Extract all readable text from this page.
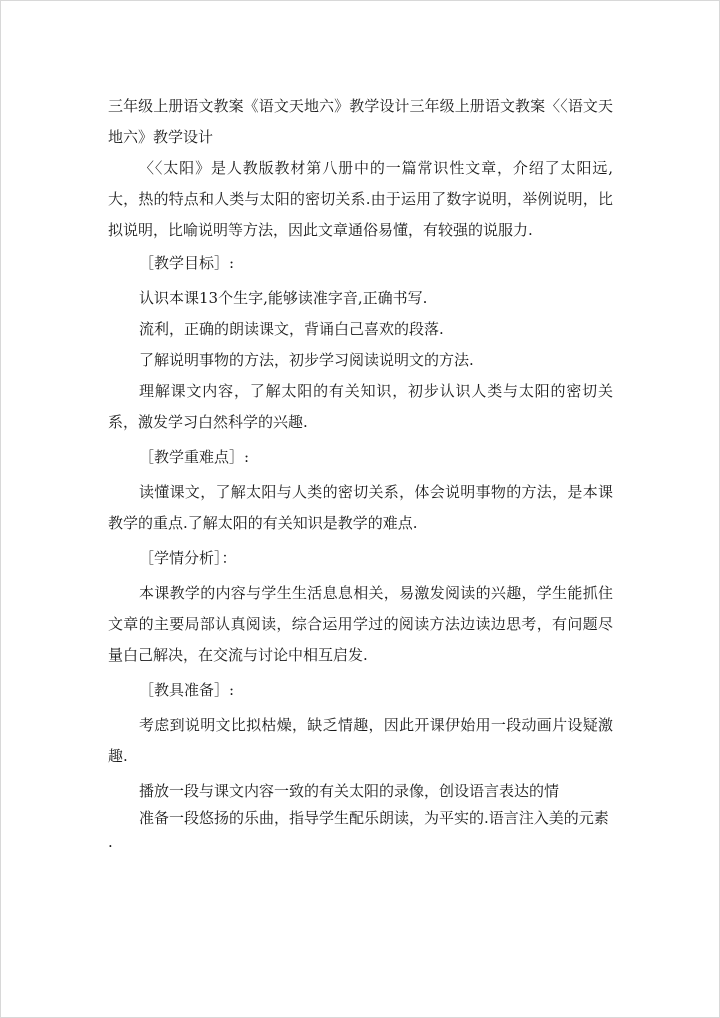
三年级上册语文教案《语文天地六》教学设计三年级上册语文教案〈〈语文天地六》教学设计

〈〈太阳》是人教版教材第八册中的一篇常识性文章，介绍了太阳远,大，热的特点和人类与太阳的密切关系.由于运用了数字说明，举例说明，比拟说明，比喻说明等方法，因此文章通俗易懂，有较强的说服力.

［教学目标］:

认识本课13个生字,能够读准字音,正确书写.

流利，正确的朗读课文，背诵白己喜欢的段落.

了解说明事物的方法，初步学习阅读说明文的方法.

理解课文内容，了解太阳的有关知识，初步认识人类与太阳的密切关系，激发学习白然科学的兴趣.

［教学重难点］:

读懂课文，了解太阳与人类的密切关系，体会说明事物的方法，是本课教学的重点.了解太阳的有关知识是教学的难点.

［学情分析］：

本课教学的内容与学生生活息息相关，易激发阅读的兴趣，学生能抓住文章的主要局部认真阅读，综合运用学过的阅读方法边读边思考，有问题尽量白己解决，在交流与讨论中相互启发.

［教具准备］:

考虑到说明文比拟枯燥，缺乏情趣，因此开课伊始用一段动画片设疑激趣.

播放一段与课文内容一致的有关太阳的录像，创设语言表达的情

准备一段悠扬的乐曲，指导学生配乐朗读，为平实的.语言注入美的元素

.
